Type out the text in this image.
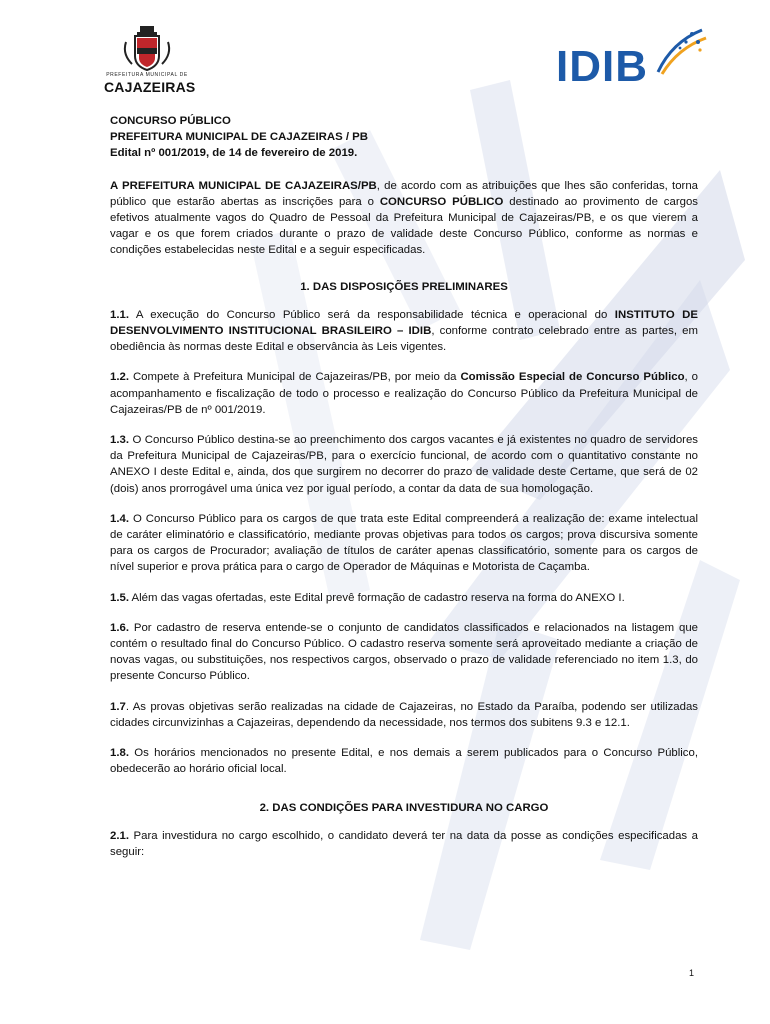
PREFEITURA MUNICIPAL DE
CAJAZEIRAS	IDIB
CONCURSO PÚBLICO
PREFEITURA MUNICIPAL DE CAJAZEIRAS / PB
Edital nº 001/2019, de 14 de fevereiro de 2019.

A PREFEITURA MUNICIPAL DE CAJAZEIRAS/PB, de acordo com as atribuições que lhes são conferidas, torna público que estarão abertas as inscrições para o CONCURSO PÚBLICO destinado ao provimento de cargos efetivos atualmente vagos do Quadro de Pessoal da Prefeitura Municipal de Cajazeiras/PB, e os que vierem a vagar e os que forem criados durante o prazo de validade deste Concurso Público, conforme as normas e condições estabelecidas neste Edital e a seguir especificadas.

1. DAS DISPOSIÇÕES PRELIMINARES

1.1. A execução do Concurso Público será da responsabilidade técnica e operacional do INSTITUTO DE DESENVOLVIMENTO INSTITUCIONAL BRASILEIRO – IDIB, conforme contrato celebrado entre as partes, em obediência às normas deste Edital e observância às Leis vigentes.

1.2. Compete à Prefeitura Municipal de Cajazeiras/PB, por meio da Comissão Especial de Concurso Público, o acompanhamento e fiscalização de todo o processo e realização do Concurso Público da Prefeitura Municipal de Cajazeiras/PB de nº 001/2019.

1.3. O Concurso Público destina-se ao preenchimento dos cargos vacantes e já existentes no quadro de servidores da Prefeitura Municipal de Cajazeiras/PB, para o exercício funcional, de acordo com o quantitativo constante no ANEXO I deste Edital e, ainda, dos que surgirem no decorrer do prazo de validade deste Certame, que será de 02 (dois) anos prorrogável uma única vez por igual período, a contar da data de sua homologação.

1.4. O Concurso Público para os cargos de que trata este Edital compreenderá a realização de: exame intelectual de caráter eliminatório e classificatório, mediante provas objetivas para todos os cargos; prova discursiva somente para os cargos de Procurador; avaliação de títulos de caráter apenas classificatório, somente para os cargos de nível superior e prova prática para o cargo de Operador de Máquinas e Motorista de Caçamba.

1.5. Além das vagas ofertadas, este Edital prevê formação de cadastro reserva na forma do ANEXO I.

1.6. Por cadastro de reserva entende-se o conjunto de candidatos classificados e relacionados na listagem que contém o resultado final do Concurso Público. O cadastro reserva somente será aproveitado mediante a criação de novas vagas, ou substituições, nos respectivos cargos, observado o prazo de validade referenciado no item 1.3, do presente Concurso Público.

1.7. As provas objetivas serão realizadas na cidade de Cajazeiras, no Estado da Paraíba, podendo ser utilizadas cidades circunvizinhas a Cajazeiras, dependendo da necessidade, nos termos dos subitens 9.3 e 12.1.

1.8. Os horários mencionados no presente Edital, e nos demais a serem publicados para o Concurso Público, obedecerão ao horário oficial local.

2. DAS CONDIÇÕES PARA INVESTIDURA NO CARGO

2.1. Para investidura no cargo escolhido, o candidato deverá ter na data da posse as condições especificadas a seguir:

1
